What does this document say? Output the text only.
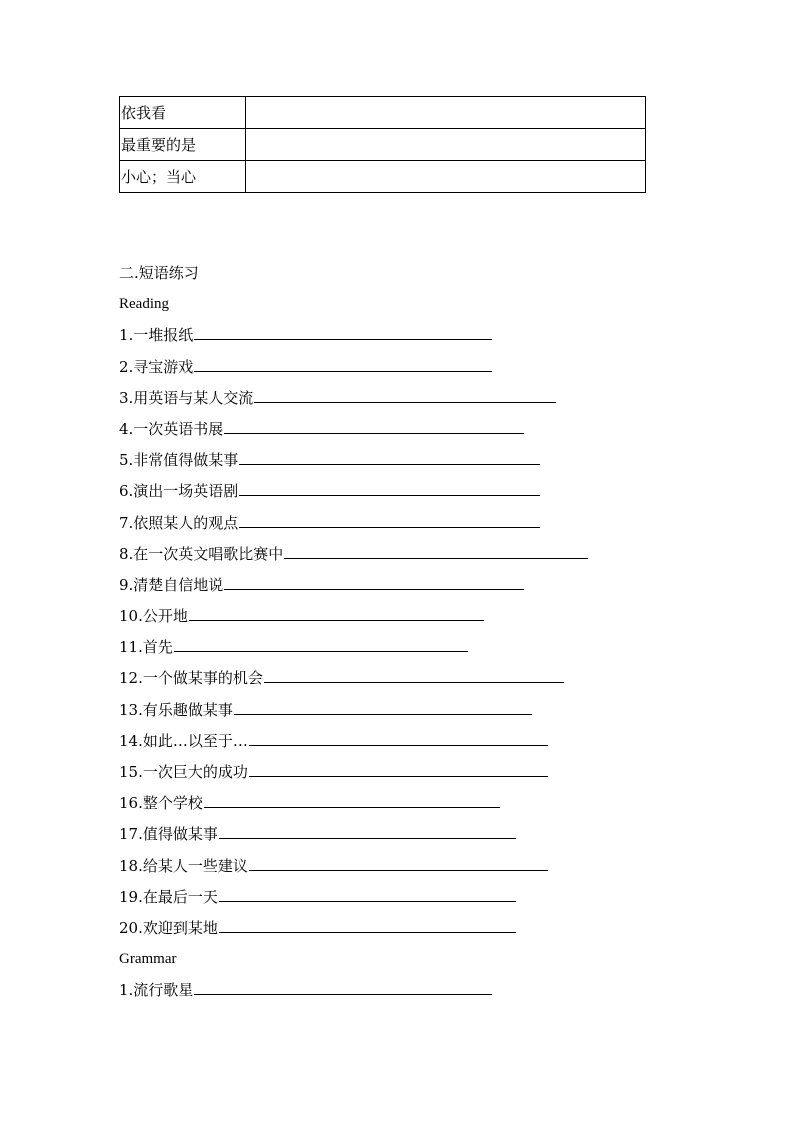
依我看	
最重要的是	
小心；当心	
二.短语练习
Reading
1.一堆报纸
2.寻宝游戏
3.用英语与某人交流
4.一次英语书展
5.非常值得做某事
6.演出一场英语剧
7.依照某人的观点
8.在一次英文唱歌比赛中
9.清楚自信地说
10.公开地
11.首先
12.一个做某事的机会
13.有乐趣做某事
14.如此…以至于…
15.一次巨大的成功
16.整个学校
17.值得做某事
18.给某人一些建议
19.在最后一天
20.欢迎到某地
Grammar
1.流行歌星
